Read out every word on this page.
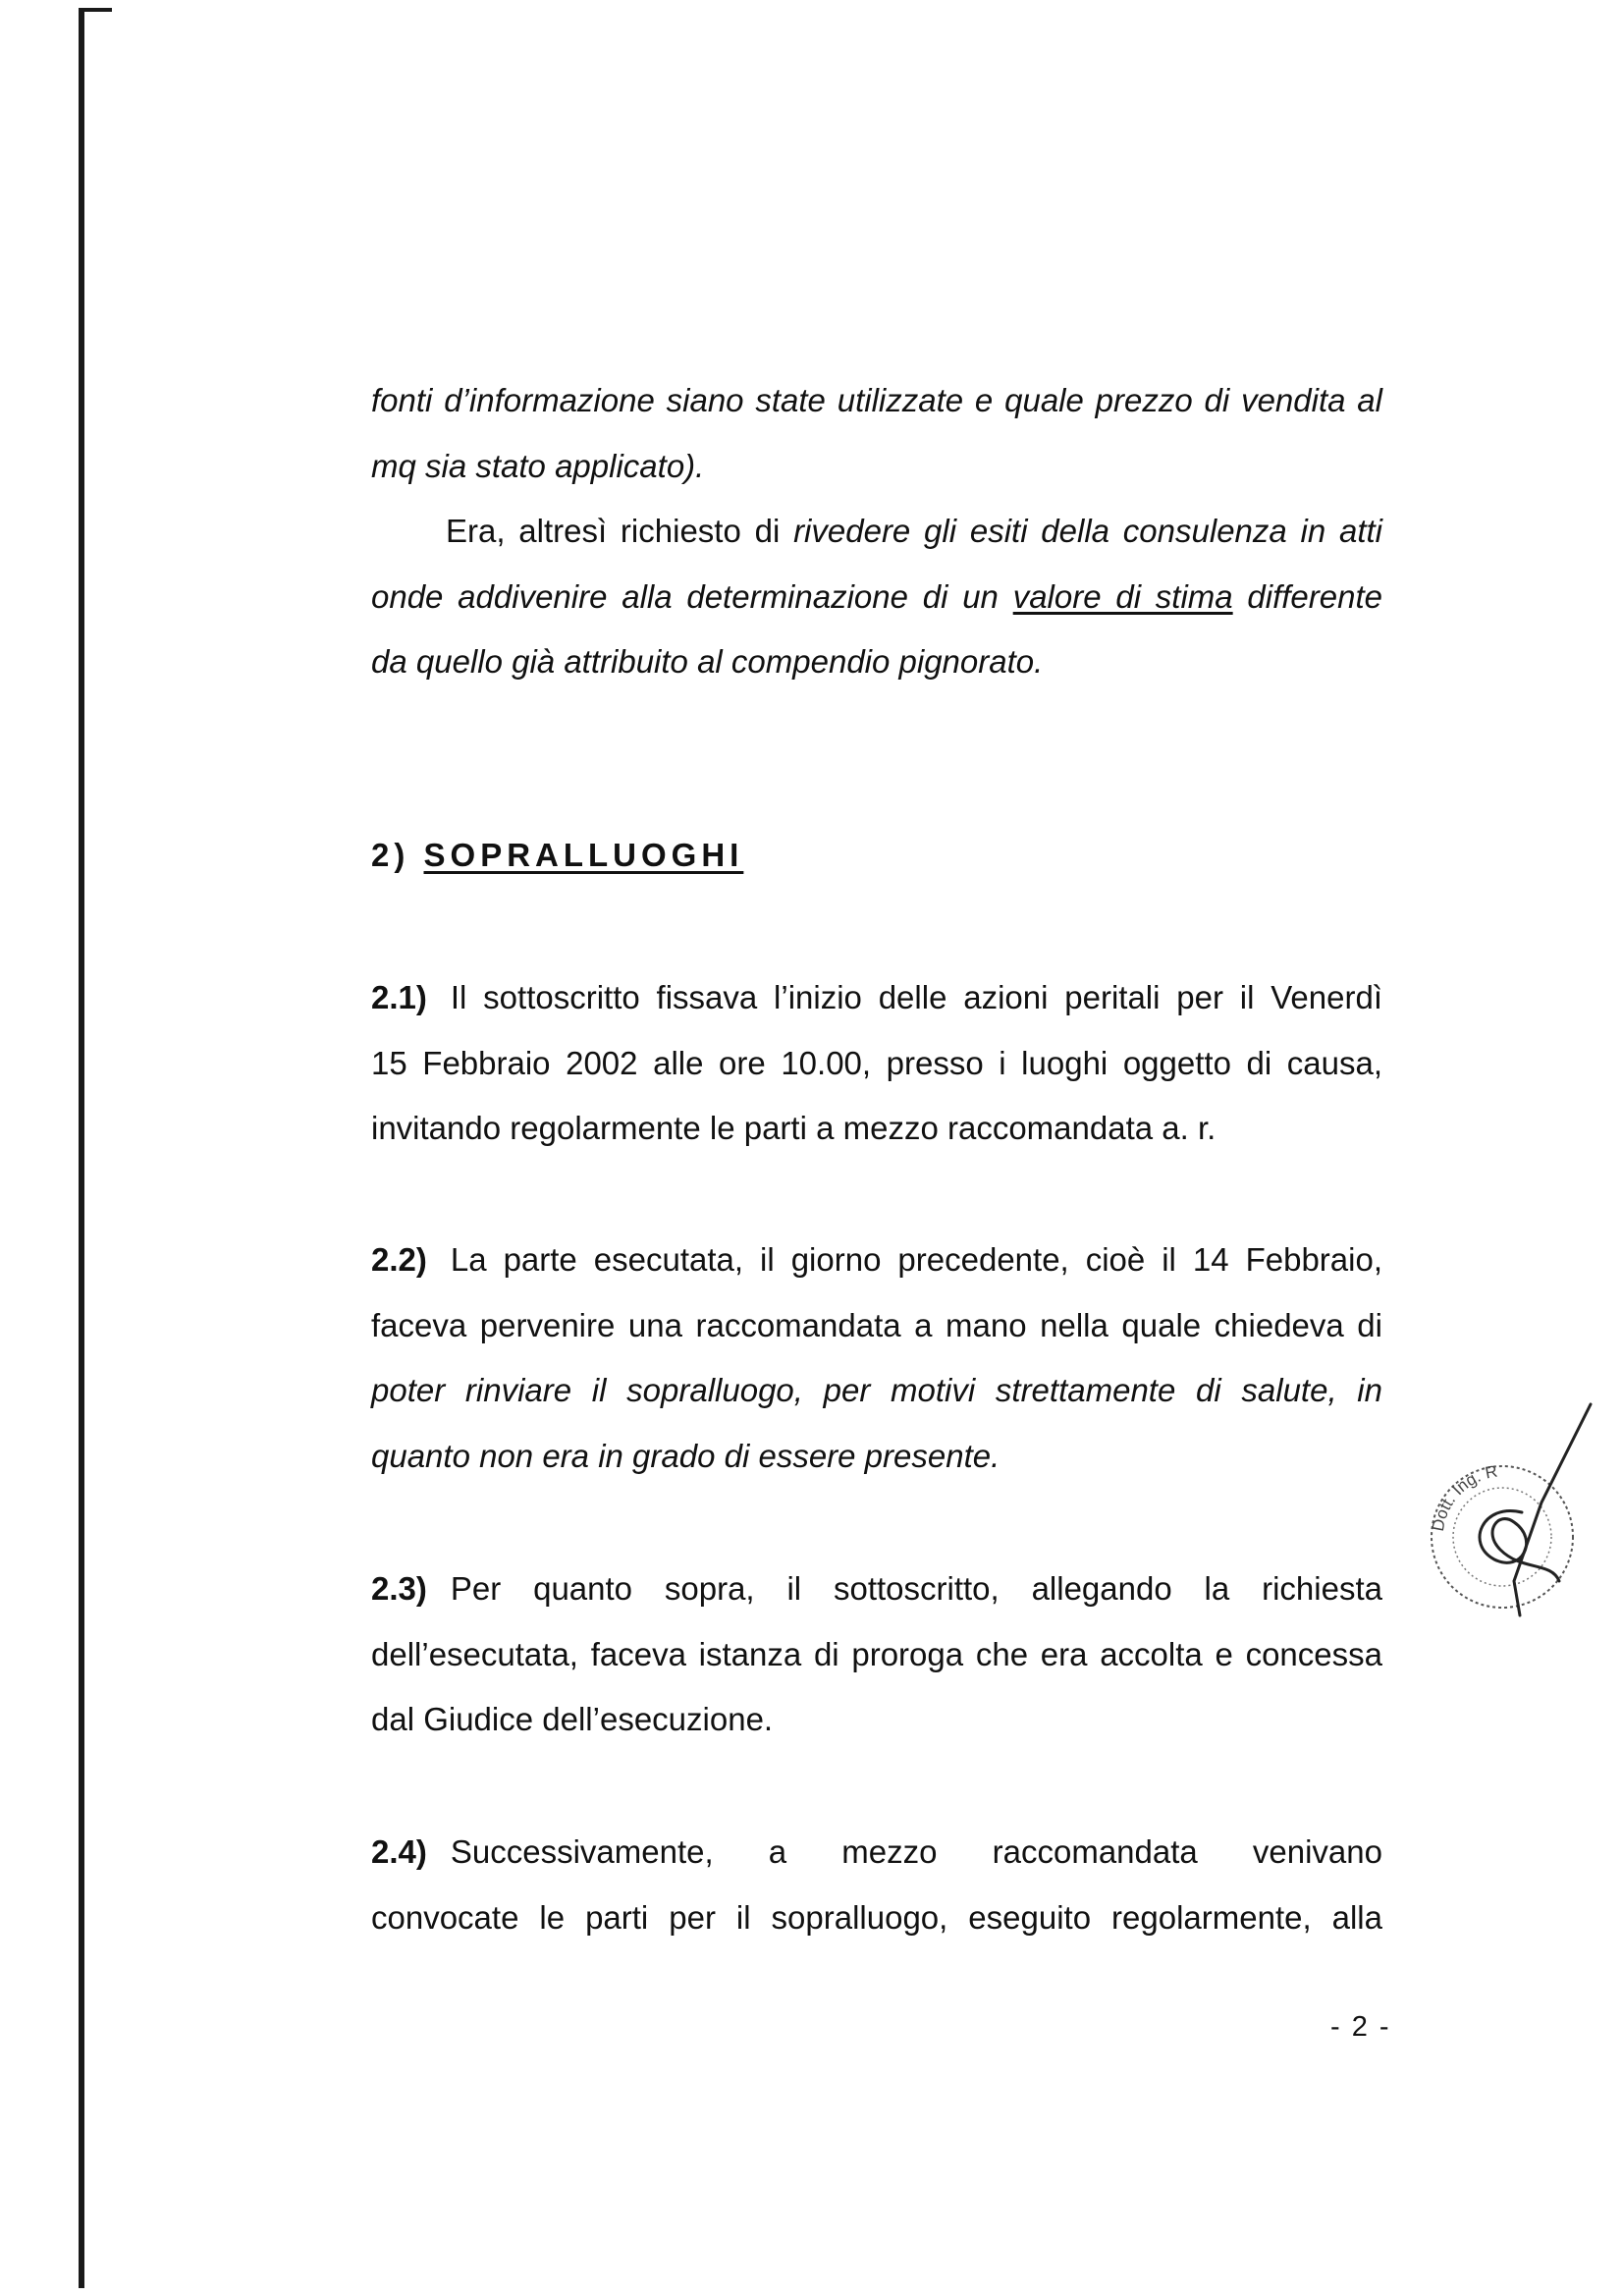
fonti d’informazione siano state utilizzate e quale prezzo di vendita al
mq sia stato applicato).
Era, altresì richiesto di rivedere gli esiti della consulenza in atti
onde addivenire alla determinazione di un valore di stima differente
da quello già attribuito al compendio pignorato.
2) SOPRALLUOGHI
2.1) Il sottoscritto fissava l’inizio delle azioni peritali per il Venerdì
15 Febbraio 2002 alle ore 10.00, presso i luoghi oggetto di causa,
invitando regolarmente le parti a mezzo raccomandata a. r.
2.2) La parte esecutata, il giorno precedente, cioè il 14 Febbraio,
faceva pervenire una raccomandata a mano nella quale chiedeva di
poter rinviare il sopralluogo, per motivi strettamente di salute, in
quanto non era in grado di essere presente.
2.3) Per quanto sopra, il sottoscritto, allegando la richiesta
dell’esecutata, faceva istanza di proroga che era accolta e concessa
dal Giudice dell’esecuzione.
2.4) Successivamente, a mezzo raccomandata venivano
convocate le parti per il sopralluogo, eseguito regolarmente, alla
- 2 -
Dott. Ing. R
